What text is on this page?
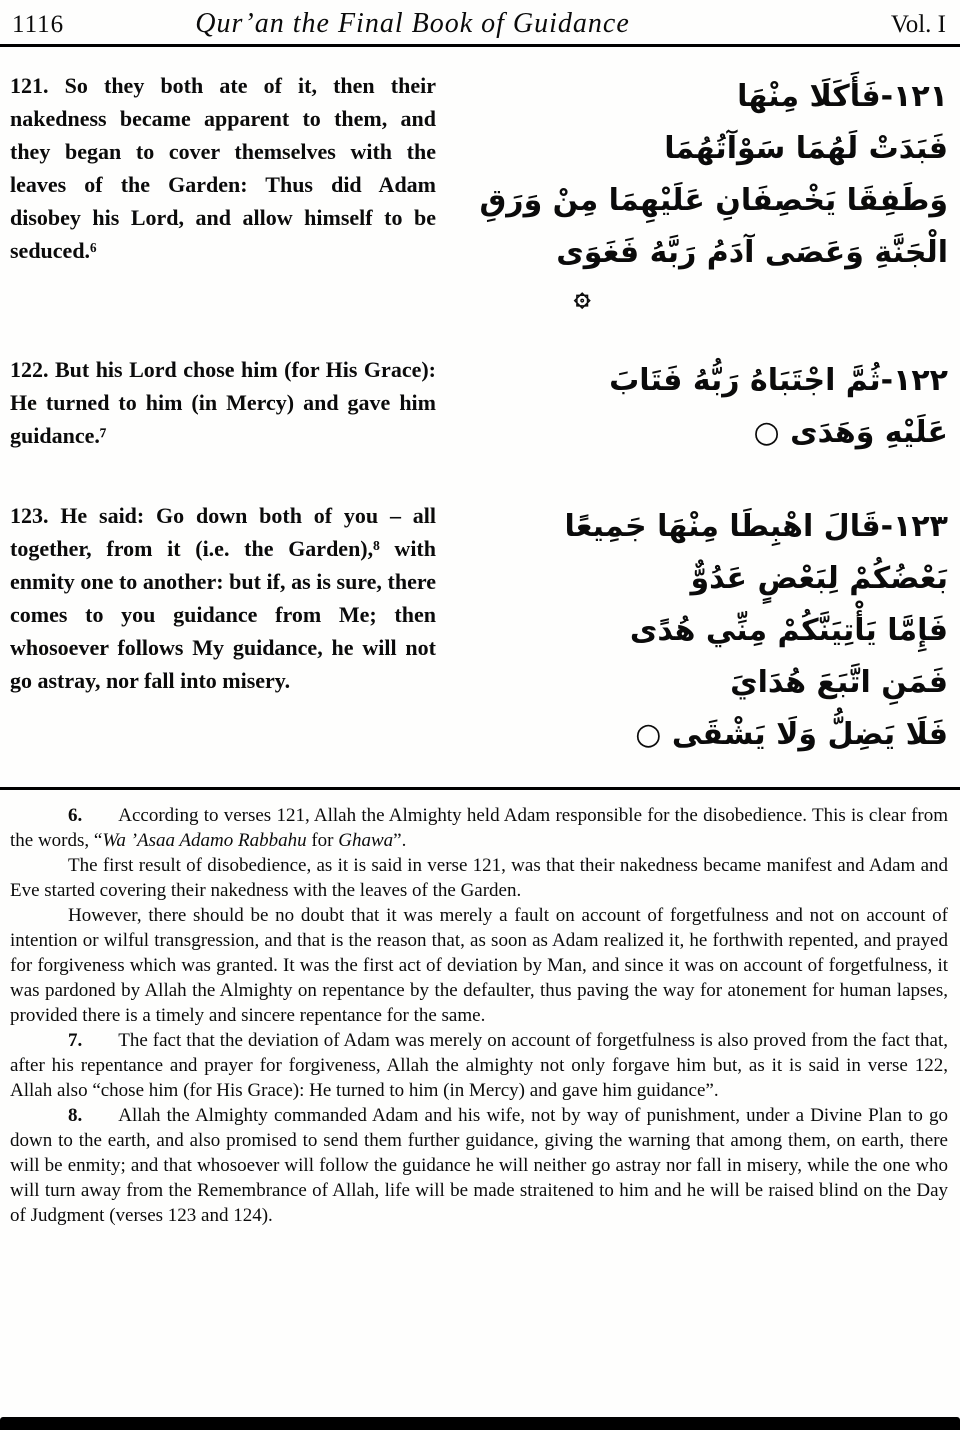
1116	Qur’an the Final Book of Guidance	Vol. I
121. So they both ate of it, then their nakedness became apparent to them, and they began to cover themselves with the leaves of the Garden: Thus did Adam disobey his Lord, and allow himself to be seduced.⁶
۱۲۱-فَأَكَلَا مِنْهَا
فَبَدَتْ لَهُمَا سَوْآتُهُمَا
وَطَفِقَا يَخْصِفَانِ عَلَيْهِمَا مِنْ وَرَقِ
الْجَنَّةِ وَعَصَى آدَمُ رَبَّهُ فَغَوَى
۞
122. But his Lord chose him (for His Grace): He turned to him (in Mercy) and gave him guidance.⁷
۱۲۲-ثُمَّ اجْتَبَاهُ رَبُّهُ فَتَابَ
عَلَيْهِ وَهَدَى ○
123. He said: Go down both of you – all together, from it (i.e. the Garden),⁸ with enmity one to another: but if, as is sure, there comes to you guidance from Me; then whosoever follows My guidance, he will not go astray, nor fall into misery.
۱۲۳-قَالَ اهْبِطَا مِنْهَا جَمِيعًا
بَعْضُكُمْ لِبَعْضٍ عَدُوٌّ
فَإِمَّا يَأْتِيَنَّكُمْ مِنِّي هُدًى
فَمَنِ اتَّبَعَ هُدَايَ
فَلَا يَضِلُّ وَلَا يَشْقَى ○

6. According to verses 121, Allah the Almighty held Adam responsible for the disobedience. This is clear from the words, “Wa ’Asaa Adamo Rabbahu for Ghawa”.

The first result of disobedience, as it is said in verse 121, was that their nakedness became manifest and Adam and Eve started covering their nakedness with the leaves of the Garden.

However, there should be no doubt that it was merely a fault on account of forgetfulness and not on account of intention or wilful transgression, and that is the reason that, as soon as Adam realized it, he forthwith repented, and prayed for forgiveness which was granted. It was the first act of deviation by Man, and since it was on account of forgetfulness, it was pardoned by Allah the Almighty on repentance by the defaulter, thus paving the way for atonement for human lapses, provided there is a timely and sincere repentance for the same.

7. The fact that the deviation of Adam was merely on account of forgetfulness is also proved from the fact that, after his repentance and prayer for forgiveness, Allah the almighty not only forgave him but, as it is said in verse 122, Allah also “chose him (for His Grace): He turned to him (in Mercy) and gave him guidance”.

8. Allah the Almighty commanded Adam and his wife, not by way of punishment, under a Divine Plan to go down to the earth, and also promised to send them further guidance, giving the warning that among them, on earth, there will be enmity; and that whosoever will follow the guidance he will neither go astray nor fall in misery, while the one who will turn away from the Remembrance of Allah, life will be made straitened to him and he will be raised blind on the Day of Judgment (verses 123 and 124).
